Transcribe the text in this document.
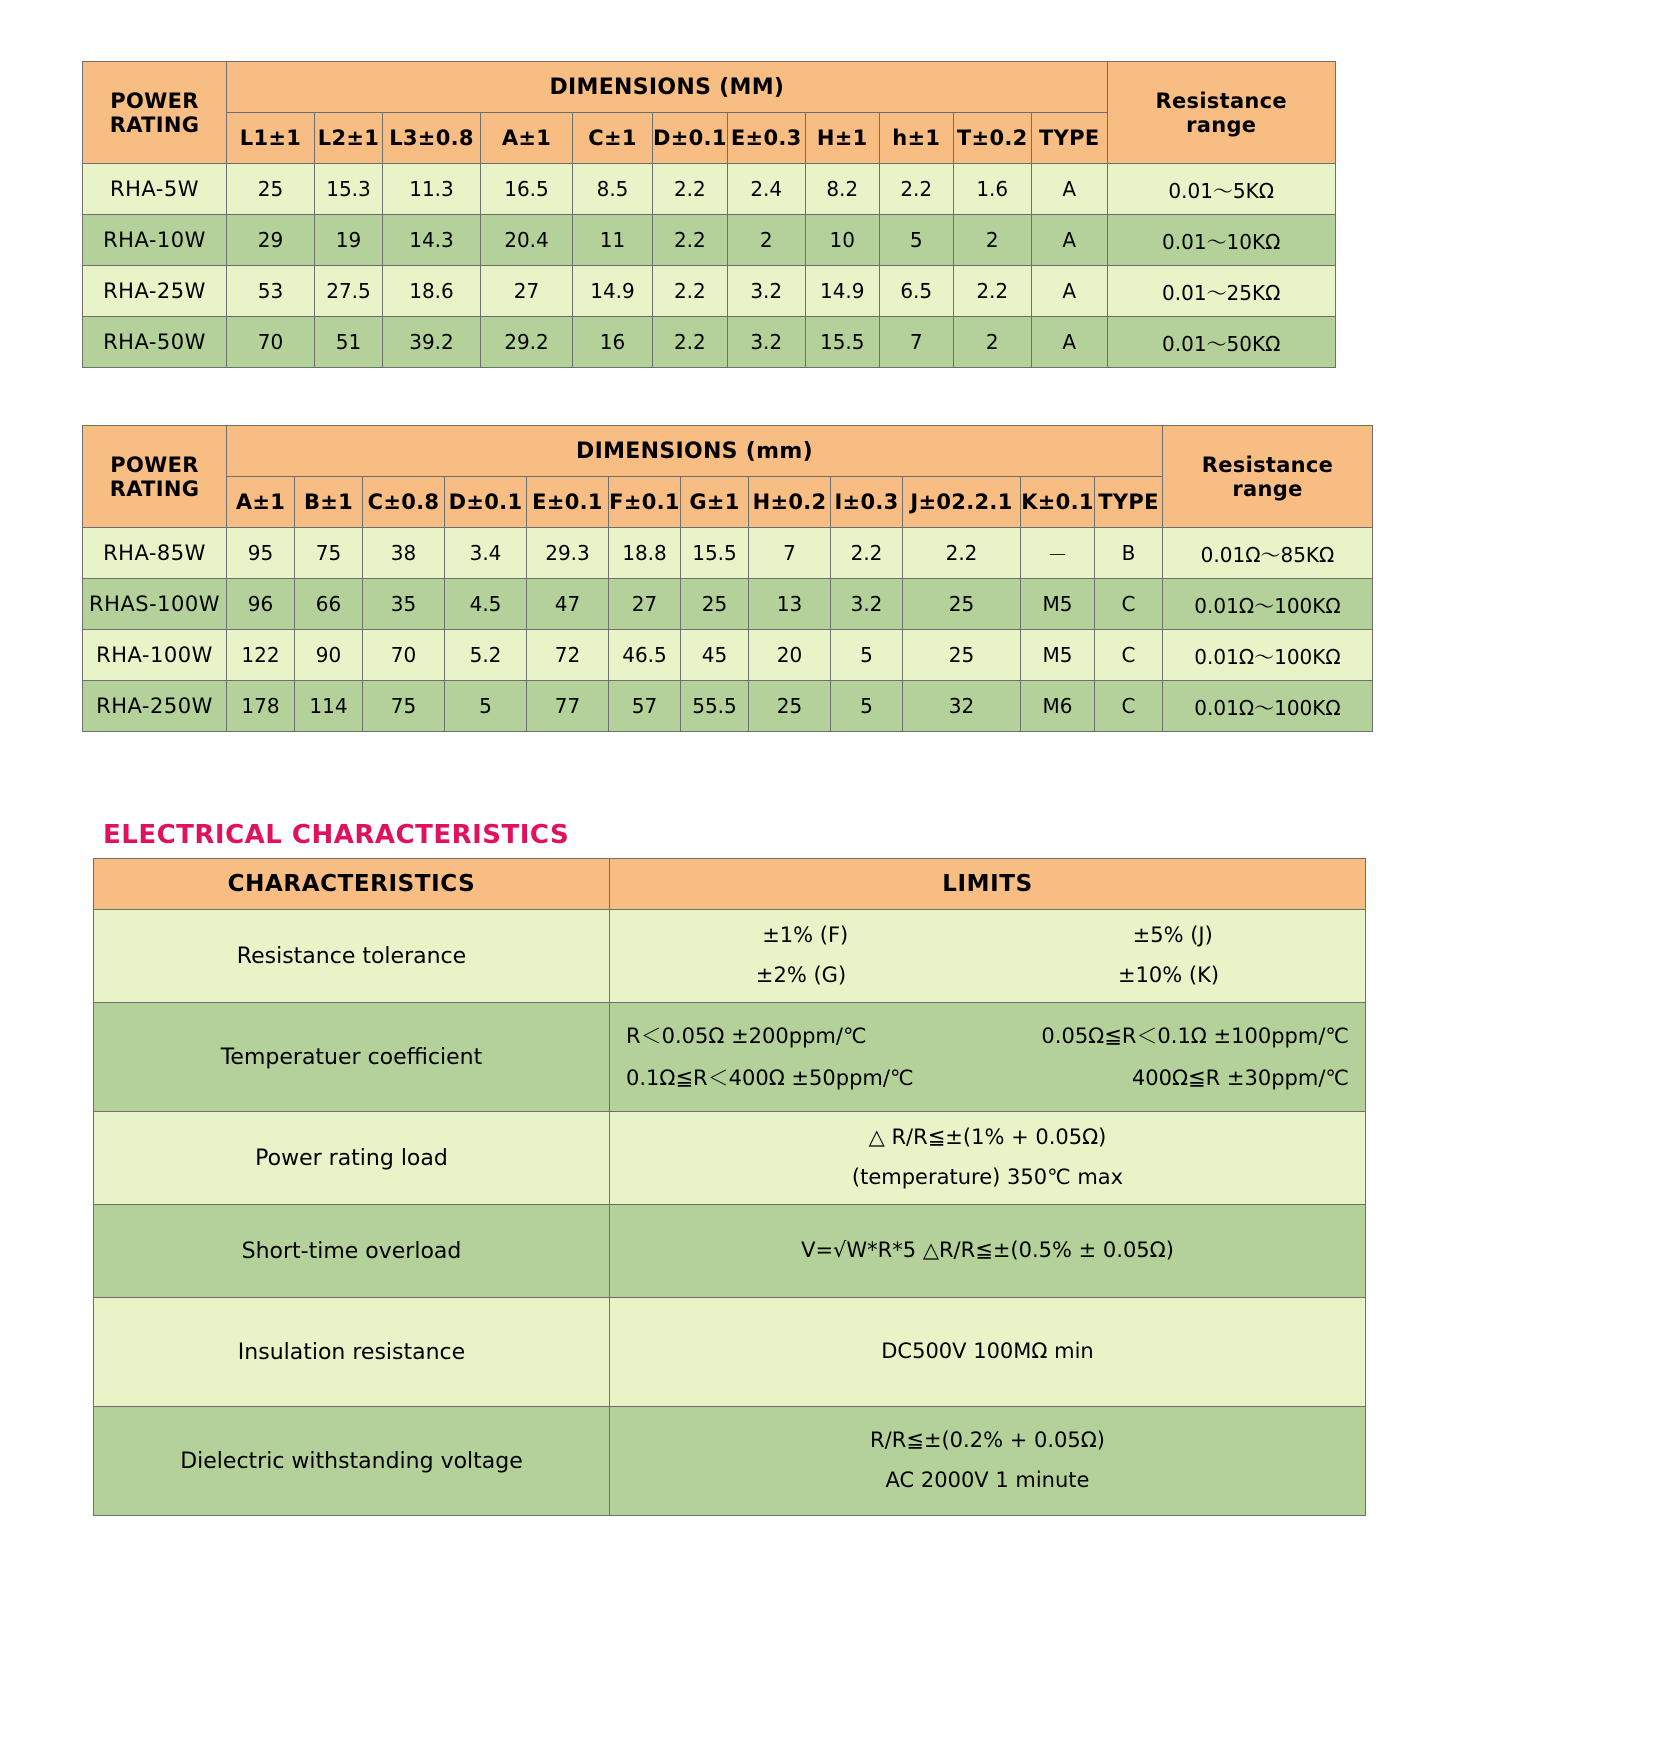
POWER
RATING
	DIMENSIONS (MM)	
Resistance
range

	L1±1	L2±1	L3±0.8	A±1	C±1	D±0.1	E±0.3	H±1	h±1	T±0.2	TYPE	
RHA-5W	25	15.3	11.3	16.5	8.5	2.2	2.4	8.2	2.2	1.6	A	0.01～5KΩ
RHA-10W	29	19	14.3	20.4	11	2.2	2	10	5	2	A	0.01～10KΩ
RHA-25W	53	27.5	18.6	27	14.9	2.2	3.2	14.9	6.5	2.2	A	0.01～25KΩ
RHA-50W	70	51	39.2	29.2	16	2.2	3.2	15.5	7	2	A	0.01～50KΩ
POWER
RATING
	DIMENSIONS (mm)	
Resistance
range

	A±1	B±1	C±0.8	D±0.1	E±0.1	F±0.1	G±1	H±0.2	I±0.3	J±02.2.1	K±0.1	TYPE	
RHA-85W	95	75	38	3.4	29.3	18.8	15.5	7	2.2	2.2	－	B	0.01Ω～85KΩ
RHAS-100W	96	66	35	4.5	47	27	25	13	3.2	25	M5	C	0.01Ω～100KΩ
RHA-100W	122	90	70	5.2	72	46.5	45	20	5	25	M5	C	0.01Ω～100KΩ
RHA-250W	178	114	75	5	77	57	55.5	25	5	32	M6	C	0.01Ω～100KΩ
ELECTRICAL CHARACTERISTICS
CHARACTERISTICS	LIMITS
Resistance tolerance	±1% (F) ±5% (J)
±2% (G) ±10% (K)

Temperatuer coefficient	R＜0.05Ω ±200ppm/℃ 0.05Ω≦R＜0.1Ω ±100ppm/℃
0.1Ω≦R＜400Ω ±50ppm/℃ 400Ω≦R ±30ppm/℃

Power rating load	△ R/R≦±(1% + 0.05Ω)
(temperature) 350℃ max

Short-time overload	V=√W*R*5 △R/R≦±(0.5% ± 0.05Ω)

Insulation resistance	DC500V 100MΩ min

Dielectric withstanding voltage	R/R≦±(0.2% + 0.05Ω)
AC 2000V 1 minute
